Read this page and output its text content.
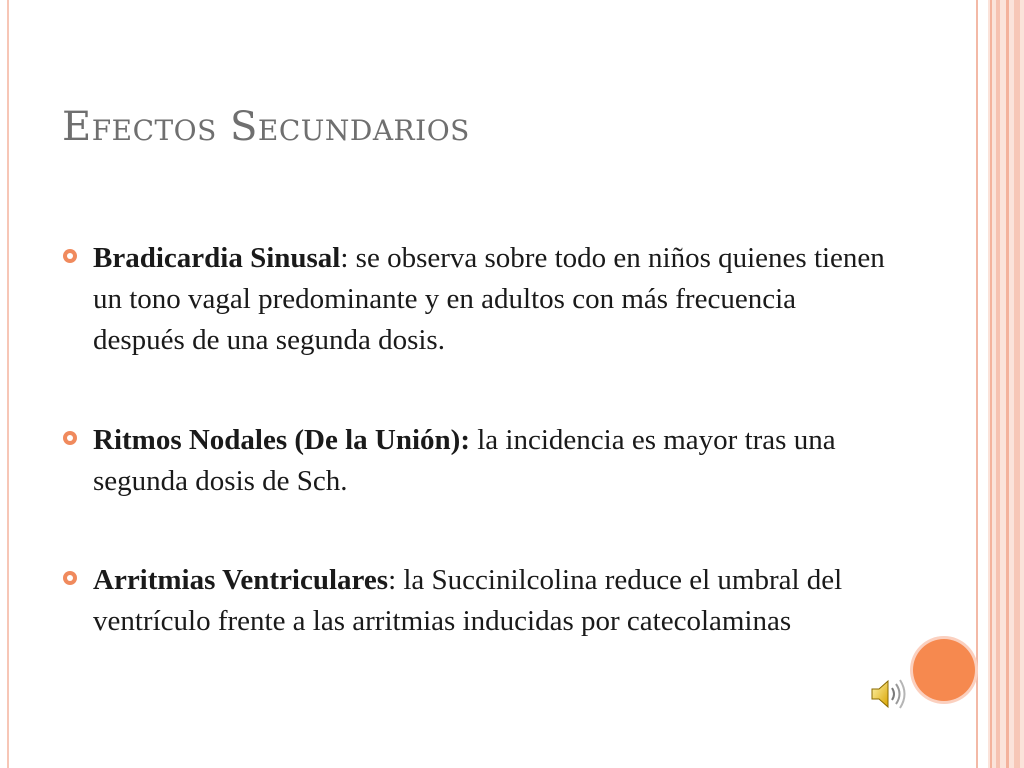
Efectos Secundarios
Bradicardia Sinusal: se observa sobre todo en niños quienes tienen un tono vagal predominante y en adultos con más frecuencia después de una segunda dosis.
Ritmos Nodales (De la Unión): la incidencia es mayor tras una segunda dosis de Sch.
Arritmias Ventriculares: la Succinilcolina reduce el umbral del ventrículo frente a las arritmias inducidas por catecolaminas
